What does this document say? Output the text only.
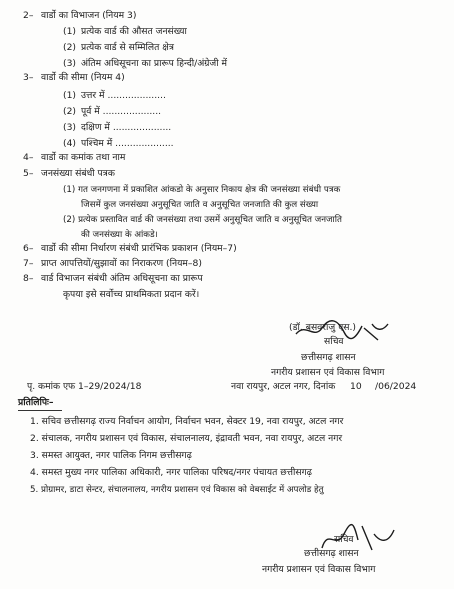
2– वार्डो का विभाजन (नियम 3)
(1) प्रत्येक वार्ड की औसत जनसंख्या
(2) प्रत्येक वार्ड से सम्मिलित क्षेत्र
(3) अंतिम अधिसूचना का प्रारूप हिन्दी/अंग्रेजी में
3– वार्डो की सीमा (नियम 4)
(1) उत्तर में ....................
(2) पूर्व में ....................
(3) दक्षिण में ....................
(4) पश्चिम में ....................
4– वार्डो का कमांक तथा नाम
5– जनसंख्या संबंधी पत्रक
(1) गत जनगणना में प्रकाशित आंकडो के अनुसार निकाय क्षेत्र की जनसंख्या संबंधी पत्रक
जिसमें कुल जनसंख्या अनुसूचित जाति व अनुसूचित जनजाति की कुल संख्या
(2) प्रत्येक प्रस्तावित वार्ड की जनसंख्या तथा उसमें अनुसूचित जाति व अनुसूचित जनजाति
की जनसंख्या के आंकडे।
6– वार्डो की सीमा निर्धारण संबंधी प्रारंभिक प्रकाशन (नियम–7)
7– प्राप्त आपत्तियों/सुझावों का निराकरण (नियम–8)
8– वार्ड विभाजन संबंधी अंतिम अधिसूचना का प्रारूप
कृपया इसे सर्वोच्च प्राथमिकता प्रदान करें।
(डॉ. बसवराजु एस.)
सचिव
छत्तीसगढ़ शासन
नगरीय प्रशासन एवं विकास विभाग
पृ. कमांक एफ 1–29/2024/18	नवा रायपुर, अटल नगर, दिनांक 10 /06/2024
प्रतिलिपिः–
1. सचिव छत्तीसगढ़ राज्य निर्वाचन आयोग, निर्वाचन भवन, सेक्टर 19, नवा रायपुर, अटल नगर
2. संचालक, नगरीय प्रशासन एवं विकास, संचालनालय, इंद्रावती भवन, नवा रायपुर, अटल नगर
3. समस्त आयुक्त, नगर पालिक निगम छत्तीसगढ़
4. समस्त मुख्य नगर पालिका अधिकारी, नगर पालिका परिषद/नगर पंचायत छत्तीसगढ़
5. प्रोग्रामर, डाटा सेन्टर, संचालनालय, नगरीय प्रशासन एवं विकास को वेबसाईट में अपलोड हेतु
सचिव
छत्तीसगढ़ शासन
नगरीय प्रशासन एवं विकास विभाग
